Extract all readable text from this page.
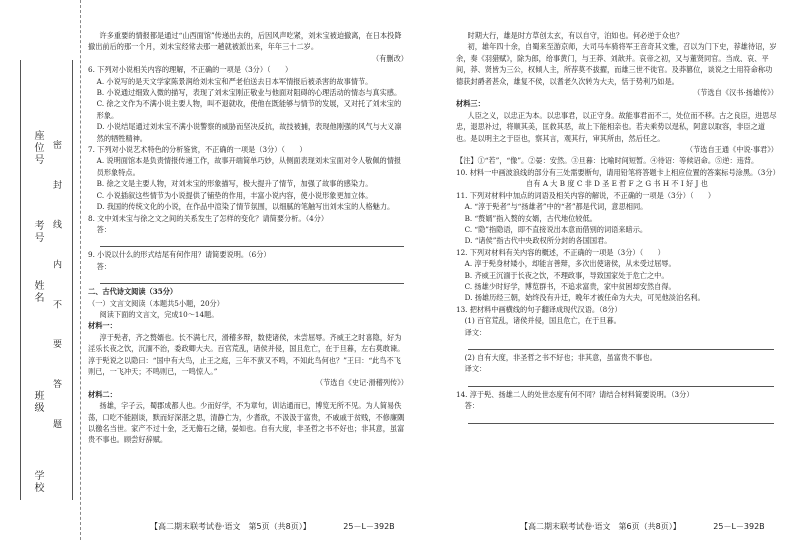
学校
班级
姓名
考号
座位号 密 封 线 内 不 要 答 题

许多重要的情报都是通过“山西面馆”传递出去的，后因风声吃紧，刘未宝被迫撤离，在日本投降

撤出前后的那一个月，刘未宝经常去那一趟就被派出来，年年三十二岁。

（有删改）

6. 下列对小说相关内容的理解，不正确的一项是（3分）（　　）

A. 小说写的是天文学家陈景润给刘未宝和严老伯送去日本军情报后被杀害的故事情节。

B. 小说通过细致入微的描写，表现了刘未宝刚正敬业与他面对阻碍的心理活动的情态与真实感。

C. 徐之文作为不满小说主要人物，叫不退就收，使他在既能够与情节的发展，又对托了刘未宝的形象。

D. 小说结尾通过刘未宝不满小说警察的威胁而坚决反抗，故技被捕，表现他刚强的风气与大义凛然的牺牲精神。

7. 下列对小说艺术特色的分析鉴赏，不正确的一项是（3分）（　　）

A. 说明面馆本是负责情报传递工作，故事开端简单巧妙，从侧面表现刘未宝面对令人敬佩的情报员形象特点。

B. 徐之文是主要人物，对刘未宝的形象描写，极大提升了情节，加强了故事的感染力。

C. 小说插叙这些情节为小说提供了铺垫的作用，丰富小说内容，使小说形象更加立体。

D. 我国的传统文化的小说，在作品中渲染了情节氛围，以细腻的笔触写出刘未宝的人格魅力。

8. 文中刘未宝与徐之文之间的关系发生了怎样的变化？请简要分析。（4分）

答：

9. 小说以什么的形式结尾有何作用？请简要说明。（6分）

答：

二、古代诗文阅读（35分）

（一）文言文阅读（本题共5小题，20分）

阅读下面的文言文，完成10～14题。

材料一：

淳于髡者，齐之赘婿也。长不满七尺，滑稽多辩，数使诸侯，未尝屈辱。齐威王之时喜隐，好为淫乐长夜之饮，沉湎不治，委政卿大夫。百官荒乱，诸侯并侵，国且危亡，在于旦暮，左右莫敢谏。淳于髡说之以隐曰：“国中有大鸟，止王之庭，三年不蜚又不鸣，不知此鸟何也？”王曰：“此鸟不飞则已，一飞冲天；不鸣则已，一鸣惊人。”

（节选自《史记·滑稽列传》）

材料二：

扬雄，字子云，蜀郡成都人也。少而好学，不为章句，训诂通而已，博览无所不见。为人简易佚荡，口吃不能剧谈，默而好深湛之思，清静亡为，少耆欲，不汲汲于富贵，不戚戚于贫贱，不修廉隅以徼名当世。家产不过十金，乏无儋石之储，晏如也。自有大度，非圣哲之书不好也；非其意，虽富贵不事也。顾尝好辞赋。

时期大行，雄是时方草创太玄，有以自守，泊如也。何必逆于众也？

初，雄年四十余，自蜀来至游京师，大司马车骑将军王音奇其文雅，召以为门下史，荐雄待诏，岁余，奏《羽猎赋》，除为郎，给事黄门，与王莽、刘歆并。哀帝之初，又与董贤同官。当成、哀、平间，莽、贤皆为三公，权倾人主，所荐莫不拔擢，而雄三世不徙官。及莽篡位，谈说之士用符命称功德获封爵者甚众，雄复不侯，以耆老久次转为大夫，恬于势利乃如是。

（节选自《汉书·扬雄传》）

材料三：

人臣之义，以忠正为本。以忠事君，以正守身。故能事君而不二，处位而不移。古之良臣，进思尽忠，退思补过，将顺其美，匡救其恶，故上下能相亲也。若夫乘势以逞私，阿意以取容，非臣之道也。是以明主之于臣也，察其言，观其行，审其所由，然后任之。

（节选自王通《中说·事君》）

【注】①“若”，“像”。②晏：安然。③旦暮：比喻时间短暂。④待诏：等候诏命。⑤逆：违背。

10. 材料一中画波浪线的部分有三处需要断句，请用铅笔将答题卡上相应位置的答案标号涂黑。（3分）

自有 A 大 B 度 C 非 D 圣 E 哲 F 之 G 书 H 不 I 好 J 也

11. 下列对材料中加点的词语及相关内容的解说，不正确的一项是（3分）（　　）

A. “淳于髡者”与“扬雄者”中的“者”都是代词，意思相同。

B. “赘婿”指入赘的女婿，古代地位较低。

C. “隐”指隐语，即不直接说出本意而借别的词语来暗示。

D. “诸侯”指古代中央政权所分封的各国国君。

12. 下列对材料有关内容的概述，不正确的一项是（3分）（　　）

A. 淳于髡身材矮小，却能言善辩，多次出使诸侯，从未受过屈辱。

B. 齐威王沉湎于长夜之饮，不理政事，导致国家处于危亡之中。

C. 扬雄少时好学，博览群书，不追求富贵，家中贫困却安然自得。

D. 扬雄历经三朝，始终没有升迁，晚年才被任命为大夫，可见他淡泊名利。

13. 把材料中画横线的句子翻译成现代汉语。（8分）

(1) 百官荒乱，诸侯并侵，国且危亡，在于旦暮。

译文：

(2) 自有大度，非圣哲之书不好也；非其意，虽富贵不事也。

译文：

14. 淳于髡、扬雄二人的处世态度有何不同？请结合材料简要说明。（3分）

答：

【高二期末联考试卷·语文　第5页（共8页）】	25－L－392B	【高二期末联考试卷·语文　第6页（共8页）】	25－L－392B
